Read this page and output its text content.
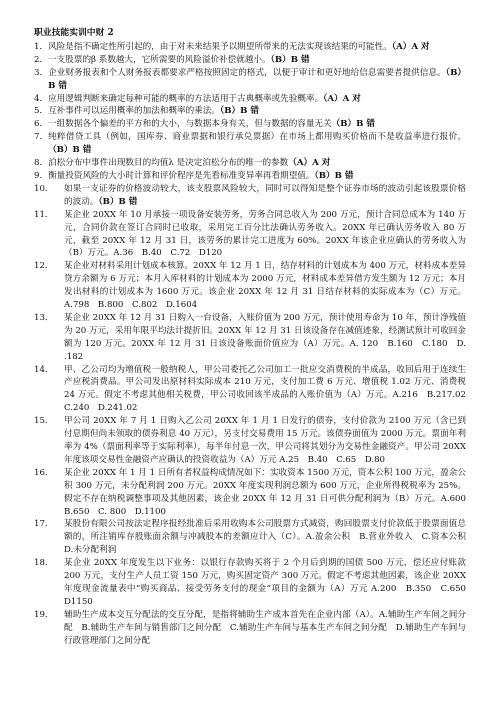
职业技能实训中财 2
1． 风险是指不确定性所引起的，由于对未来结果予以期望所带来的无法实现该结果的可能性。（A）A 对
2． 一支股票的β 系数越大，它所需要的风险溢价补偿就越小。（B）B 错
3． 企业财务报表和个人财务报表都要求严格按照固定的格式，以便于审计和更好地给信息需要者提供信息。（B）B 错
4． 应用逻辑判断来确定每种可能的概率的方法适用于古典概率或先验概率。（A）A 对
5． 互补事件可以运用概率的加法和概率的乘法。（B）B 错
6． 一组数据各个偏差的平方和的大小，与数据本身有关，但与数据的容量无关（B）B 错
7． 纯粹借贷工具（例如，国库券、商业票据和银行承兑票据）在市场上都用购买价格而不是收益率进行报价。（B）B 错
8． 泊松分布中事件出现数目的均值λ 是决定泊松分布的唯一的参数（A）A 对
9． 衡量投资风险的大小时计算和评价程序是先看标准变异率再看期望值。（B）B 错
10．	如果一支证券的价格波动较大，该支股票风险较大，同时可以得知是整个证券市场的波动引起该股票价格的波动。（B）B 错
11．	某企业 20XX 年 10 月承接一项设备安装劳务，劳务合同总收入为 200 万元，预计合同总成本为 140 万元，合同价款在签订合同时已收取，采用完工百分比法确认劳务收入。20XX 年已确认劳务收入 80 万元，截至 20XX 年 12 月 31 日，该劳务的累计完工进度为 60%。20XX 年该企业应确认的劳务收入为（B）万元。A.36　B.40　C.72　D120
12．	某企业对材料采用计划成本核算。20XX 年 12 月 1 日，结存材料的计划成本为 400 万元，材料成本差异贷方余额为 6 万元；本月入库材料的计划成本为 2000 万元，材料成本差异借方发生额为 12 万元；本月发出材料的计划成本为 1600 万元。该企业 20XX 年 12 月 31 日结存材料的实际成本为（C）万元。A.798　B.800　C.802　D.1604
13．	某企业 20XX 年 12 月 31 日购入一台设备，入账价值为 200 万元，预计使用寿命为 10 年，预计净残值为 20 万元，采用年限平均法计提折旧。20XX 年 12 月 31 日该设备存在减值迹象，经测试预计可收回金额为 120 万元。20XX 年 12 月 31 日该设备账面价值应为（A）万元。A. 120　B.160　C.180　D. .182
14．	甲、乙公司均为增值税一般纳税人，甲公司委托乙公司加工一批应交消费税的半成品，收回后用于连续生产应税消费品。甲公司发出原材料实际成本 210 万元，支付加工费 6 万元、增值税 1.02 万元、消费税 24 万元。假定不考虑其他相关税费，甲公司收回该半成品的入账价值为（A）万元。A.216　B.217.02　C.240　D.241.02
15．	甲公司 20XX 年 7 月 1 日购入乙公司 20XX 年 1 月 1 日发行的债券，支付价款为 2100 万元（含已到付息期但尚未领取的债券利息 40 万元），另支付交易费用 15 万元。该债券面值为 2000 万元。票面年利率为 4%（票面利率等于实际利率），每半年付息一次，甲公司将其划分为交易性金融资产。甲公司 20XX 年度该项交易性金融资产应确认的投资收益为（A）万元 A.25　B.40　C.65　D.80
16．	某企业 20XX 年 1 月 1 日所有者权益构成情况如下：实收资本 1500 万元，资本公积 100 万元，盈余公积 300 万元，未分配利润 200 万元。20XX 年度实现利润总额为 600 万元，企业所得税税率为 25%。假定不存在纳税调整事项及其他因素，该企业 20XX 年 12 月 31 日可供分配利润为（B）万元。A.600　B.650　C. 800　D.1100
17．	某股份有限公司按法定程序报经批准后采用收购本公司股票方式减资，购回股票支付价款低于股票面值总额的，所注销库存股账面余额与冲减股本的差额应计入（C）。A.盈余公积　B.营业外收入　C.资本公积　D.未分配利润
18．	某企业 20XX 年度发生以下业务：以银行存款购买将于 2 个月后到期的国债 500 万元，偿还应付账款 200 万元，支付生产人员工资 150 万元，购买固定资产 300 万元。假定不考虑其他因素，该企业 20XX 年度现金流量表中“购买商品、接受劳务支付的现金”项目的金额为（A）万元 A.200　B.350　C.650　D1150
19．	辅助生产成本交互分配法的交互分配，是指将辅助生产成本首先在企业内部（A）。A.辅助生产车间之间分配　B.辅助生产车间与销售部门之间分配　C.辅助生产车间与基本生产车间之间分配　D.辅助生产车间与行政管理部门之间分配
